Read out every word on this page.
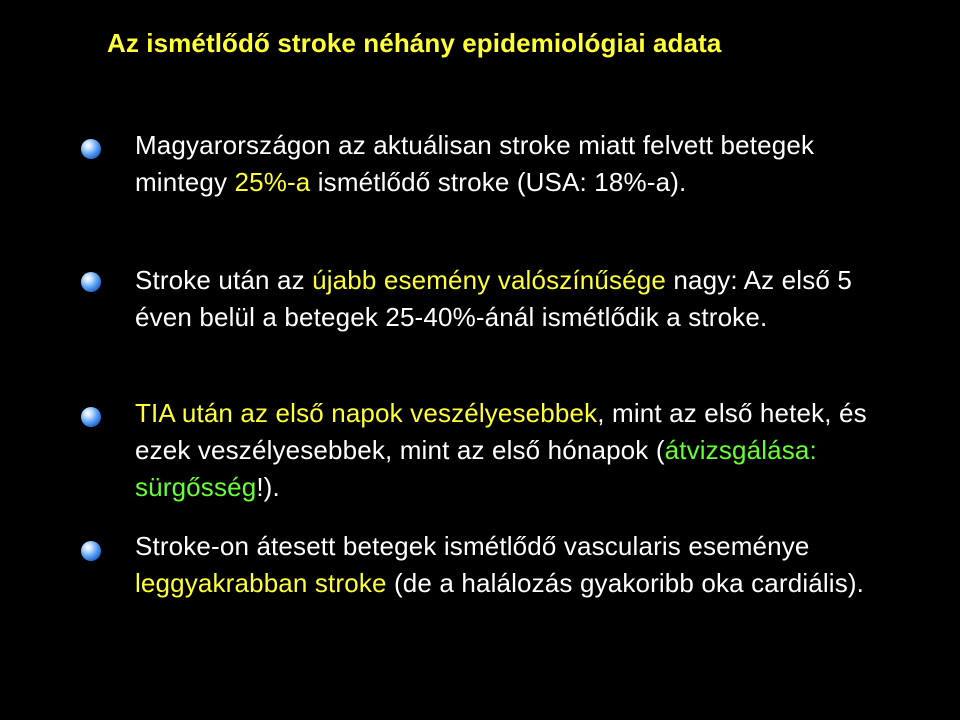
Az ismétlődő stroke néhány epidemiológiai adata
Magyarországon az aktuálisan stroke miatt felvett betegek mintegy 25%-a ismétlődő stroke (USA: 18%-a).
Stroke után az újabb esemény valószínűsége nagy: Az első 5 éven belül a betegek 25-40%-ánál ismétlődik a stroke.
TIA után az első napok veszélyesebbek, mint az első hetek, és ezek veszélyesebbek, mint az első hónapok (átvizsgálása: sürgősség!).
Stroke-on átesett betegek ismétlődő vascularis eseménye leggyakrabban stroke (de a halálozás gyakoribb oka cardiális).
